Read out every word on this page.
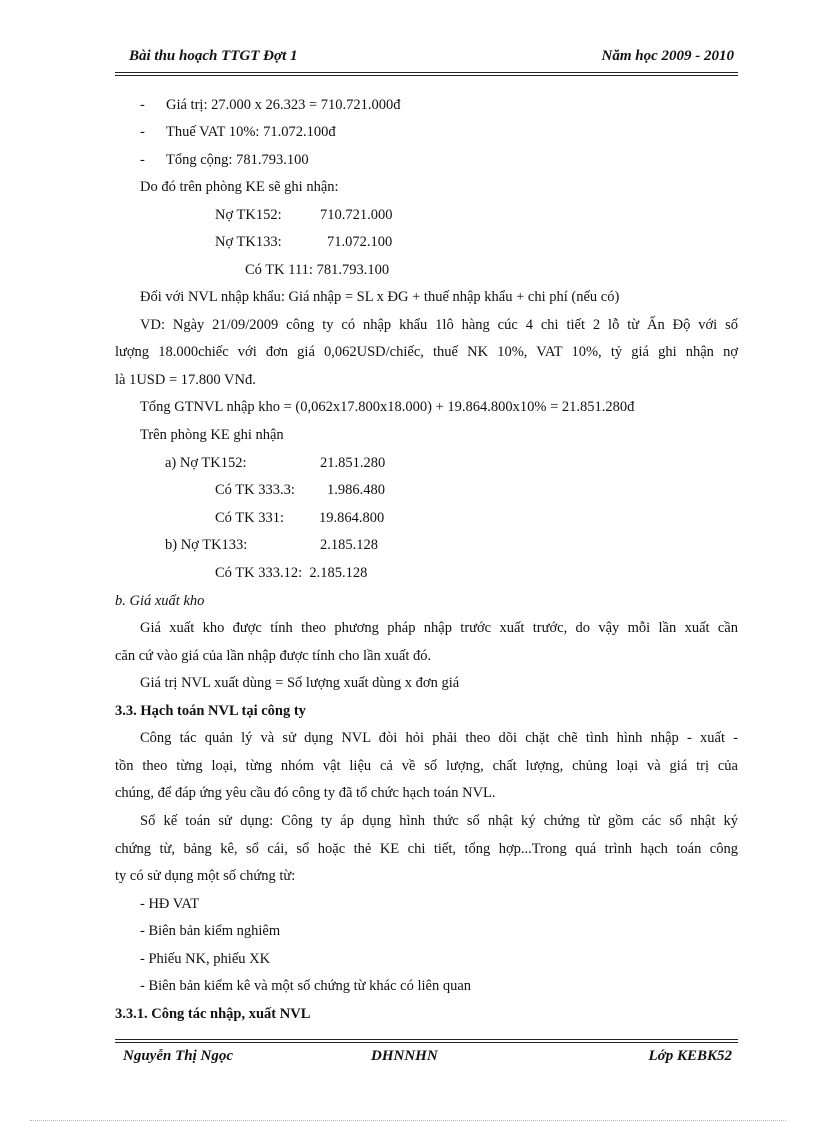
Bài thu hoạch TTGT Đợt 1	Năm học 2009 - 2010
- Giá trị: 27.000 x 26.323 = 710.721.000đ
- Thuế VAT 10%: 71.072.100đ
- Tổng cộng: 781.793.100
Do đó trên phòng KE sẽ ghi nhận:
Nợ TK152:	710.721.000
Nợ TK133:	71.072.100
Có TK 111: 781.793.100
Đối với NVL nhập khẩu: Giá nhập = SL x ĐG + thuế nhập khẩu + chi phí (nếu có)
VD: Ngày 21/09/2009 công ty có nhập khẩu 1lô hàng cúc 4 chi tiết 2 lỗ từ Ấn Độ với số
lượng 18.000chiếc với đơn giá 0,062USD/chiếc, thuế NK 10%, VAT 10%, tỷ giá ghi nhận nợ
là 1USD = 17.800 VNđ.
Tổng GTNVL nhập kho = (0,062x17.800x18.000) + 19.864.800x10% = 21.851.280đ
Trên phòng KE ghi nhận
a) Nợ TK152:	21.851.280
Có TK 333.3: 1.986.480
Có TK 331: 19.864.800
b) Nợ TK133:	2.185.128
Có TK 333.12:  2.185.128
b. Giá xuất kho
Giá xuất kho được tính theo phương pháp nhập trước xuất trước, do vậy mỗi lần xuất cần
căn cứ vào giá của lần nhập được tính cho lần xuất đó.
Giá trị NVL xuất dùng = Số lượng xuất dùng x đơn giá
3.3. Hạch toán NVL tại công ty
Công tác quản lý và sử dụng NVL đòi hỏi phải theo dõi chặt chẽ tình hình nhập - xuất -
tồn theo từng loại, từng nhóm vật liệu cả về số lượng, chất lượng, chủng loại và giá trị của
chúng, để đáp ứng yêu cầu đó công ty đã tổ chức hạch toán NVL.
Sổ kế toán sử dụng: Công ty áp dụng hình thức sổ nhật ký chứng từ gồm các sổ nhật ký
chứng từ, bảng kê, sổ cái, sổ hoặc thẻ KE chi tiết, tổng hợp...Trong quá trình hạch toán công
ty có sử dụng một số chứng từ:
- HĐ VAT
- Biên bản kiểm nghiêm
- Phiếu NK, phiếu XK
- Biên bản kiểm kê và một số chứng từ khác có liên quan
3.3.1. Công tác nhập, xuất NVL
Nguyễn Thị Ngọc	DHNNHN	Lớp KEBK52
